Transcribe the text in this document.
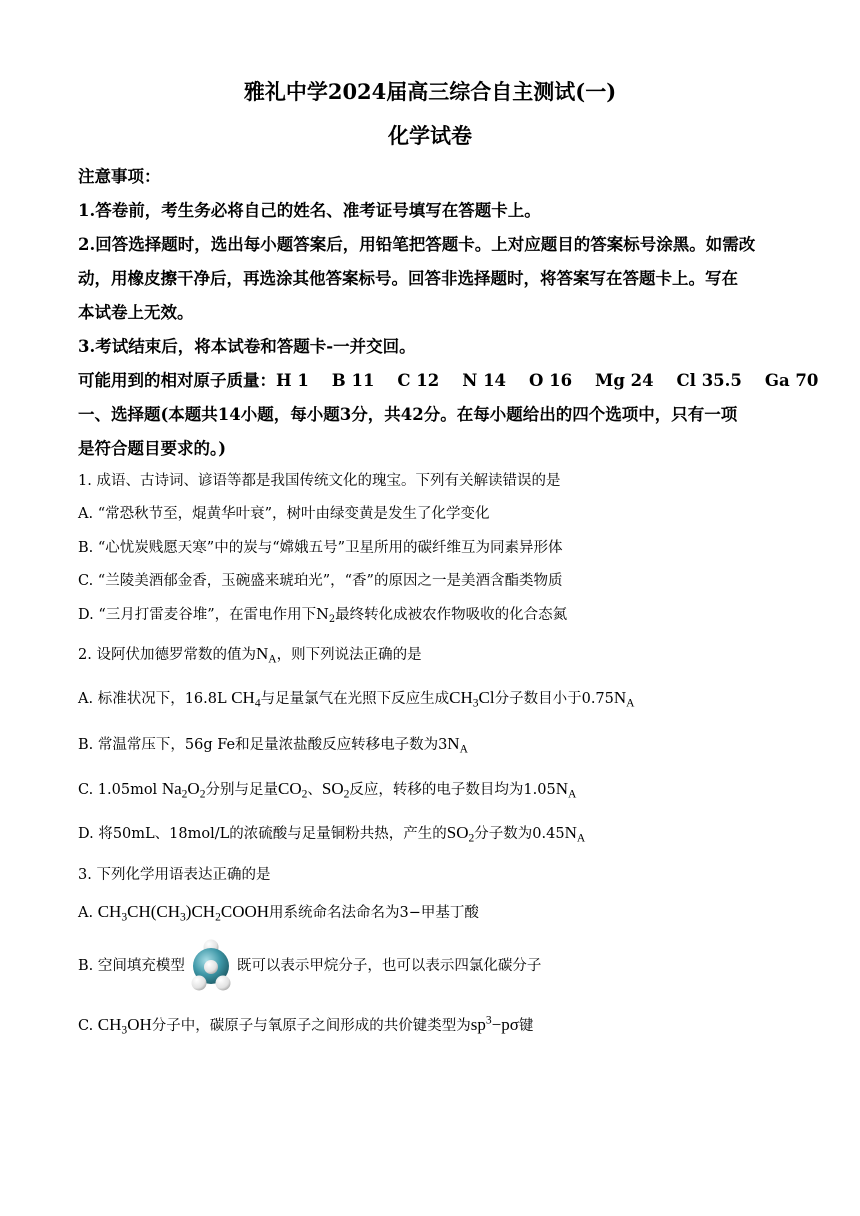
雅礼中学2024届高三综合自主测试(一)
化学试卷
注意事项：
1.答卷前，考生务必将自己的姓名、准考证号填写在答题卡上。
2.回答选择题时，选出每小题答案后，用铅笔把答题卡。上对应题目的答案标号涂黑。如需改
动，用橡皮擦干净后，再选涂其他答案标号。回答非选择题时，将答案写在答题卡上。写在
本试卷上无效。
3.考试结束后，将本试卷和答题卡-一并交回。
可能用到的相对原子质量：H 1    B 11    C 12    N 14    O 16    Mg 24    Cl 35.5    Ga 70
一、选择题(本题共14小题，每小题3分，共42分。在每小题给出的四个选项中，只有一项
是符合题目要求的。)
1. 成语、古诗词、谚语等都是我国传统文化的瑰宝。下列有关解读错误的是
A. “常恐秋节至，焜黄华叶衰”，树叶由绿变黄是发生了化学变化
B. “心忧炭贱愿天寒”中的炭与“嫦娥五号”卫星所用的碳纤维互为同素异形体
C. “兰陵美酒郁金香，玉碗盛来琥珀光”，“香”的原因之一是美酒含酯类物质
D. “三月打雷麦谷堆”，在雷电作用下$N_2$最终转化成被农作物吸收的化合态氮
2. 设阿伏加德罗常数的值为$N_A$，则下列说法正确的是
A. 标准状况下，16.8L $CH_4$与足量氯气在光照下反应生成$CH_3Cl$分子数目小于$0.75N_A$
B. 常温常压下，56g Fe和足量浓盐酸反应转移电子数为$3N_A$
C. 1.05mol $Na_2O_2$分别与足量$CO_2$、$SO_2$反应，转移的电子数目均为$1.05N_A$
D. 将50mL、18mol/L的浓硫酸与足量铜粉共热，产生的$SO_2$分子数为$0.45N_A$
3. 下列化学用语表达正确的是
A. $CH_3CH(CH_3)CH_2COOH$用系统命名法命名为3−甲基丁酸
B. 空间填充模型	既可以表示甲烷分子，也可以表示四氯化碳分子
C. $CH_3OH$分子中，碳原子与氧原子之间形成的共价键类型为$sp^3-p\sigma$键
